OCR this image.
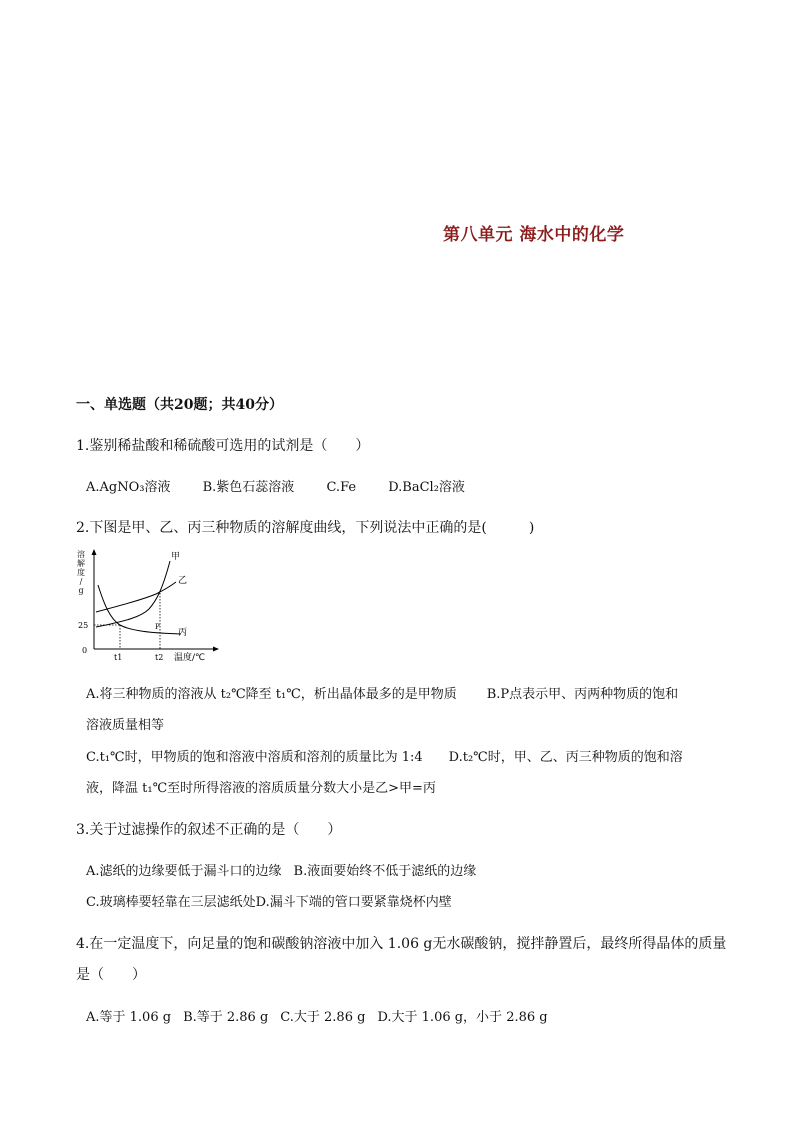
第八单元 海水中的化学
一、单选题（共20题；共40分）
1.鉴别稀盐酸和稀硫酸可选用的试剂是（　　）
A.AgNO₃溶液 B.紫色石蕊溶液 C.Fe D.BaCl₂溶液
2.下图是甲、乙、丙三种物质的溶解度曲线，下列说法中正确的是(　　　)
溶
解
度
/
g
25
0
t1	t2 温度/℃
P
甲
乙
丙
A.将三种物质的溶液从 t₂℃降至 t₁℃，析出晶体最多的是甲物质 B.P点表示甲、丙两种物质的饱和
溶液质量相等
C.t₁℃时，甲物质的饱和溶液中溶质和溶剂的质量比为 1:4 D.t₂℃时，甲、乙、丙三种物质的饱和溶
液，降温 t₁℃至时所得溶液的溶质质量分数大小是乙>甲=丙
3.关于过滤操作的叙述不正确的是（　　）
A.滤纸的边缘要低于漏斗口的边缘 B.液面要始终不低于滤纸的边缘
C.玻璃棒要轻靠在三层滤纸处D.漏斗下端的管口要紧靠烧杯内壁
4.在一定温度下，向足量的饱和碳酸钠溶液中加入 1.06 g无水碳酸钠，搅拌静置后，最终所得晶体的质量
是（　　）
A.等于 1.06 g B.等于 2.86 g C.大于 2.86 g D.大于 1.06 g，小于 2.86 g
